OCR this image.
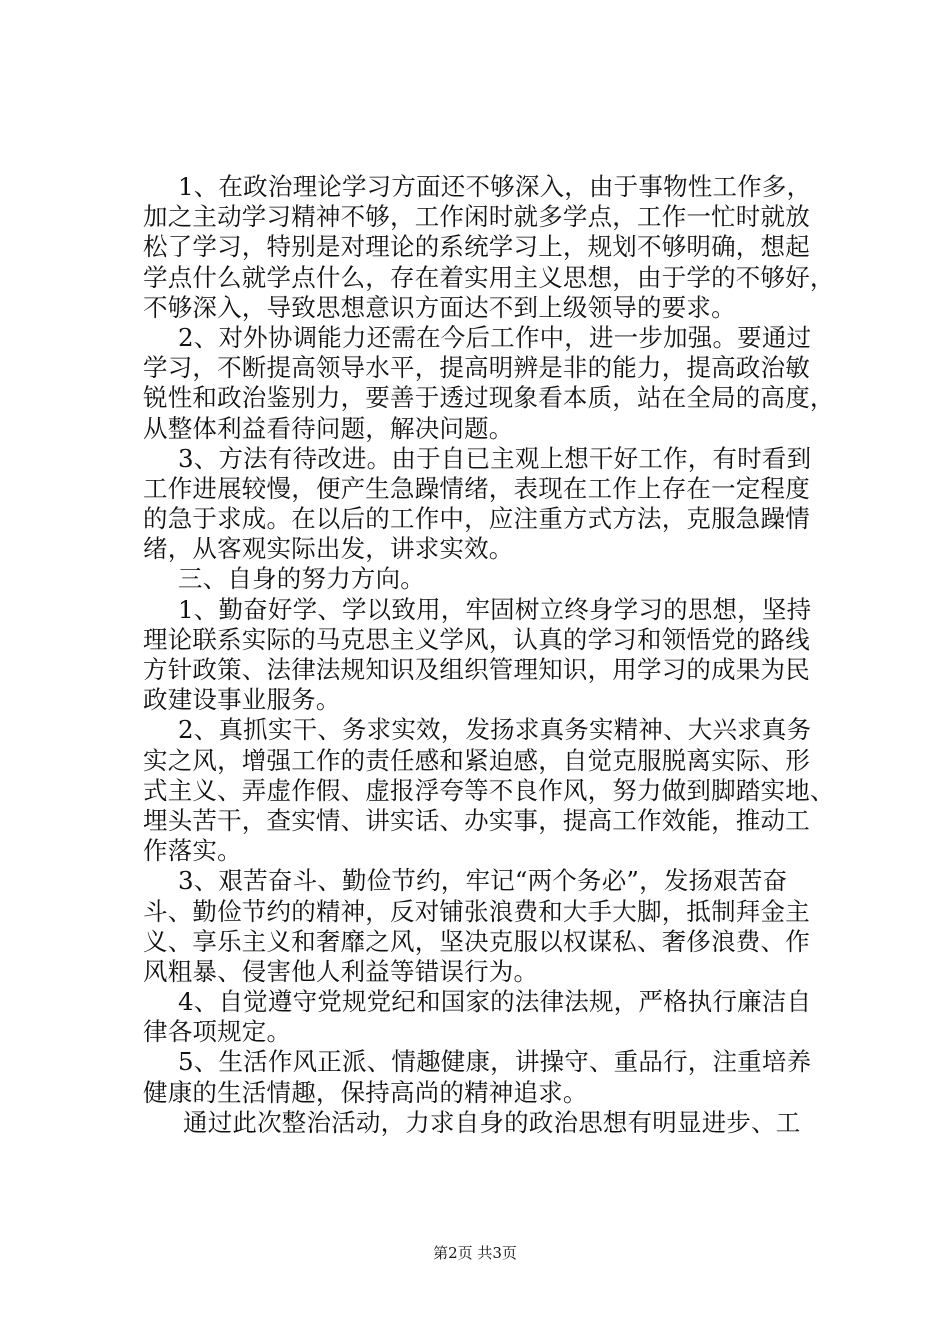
1、在政治理论学习方面还不够深入，由于事物性工作多，
加之主动学习精神不够，工作闲时就多学点，工作一忙时就放
松了学习，特别是对理论的系统学习上，规划不够明确，想起
学点什么就学点什么，存在着实用主义思想，由于学的不够好，
不够深入，导致思想意识方面达不到上级领导的要求。
2、对外协调能力还需在今后工作中，进一步加强。要通过
学习，不断提高领导水平，提高明辨是非的能力，提高政治敏
锐性和政治鉴别力，要善于透过现象看本质，站在全局的高度，
从整体利益看待问题，解决问题。
3、方法有待改进。由于自已主观上想干好工作，有时看到
工作进展较慢，便产生急躁情绪，表现在工作上存在一定程度
的急于求成。在以后的工作中，应注重方式方法，克服急躁情
绪，从客观实际出发，讲求实效。
三、自身的努力方向。
1、勤奋好学、学以致用，牢固树立终身学习的思想，坚持
理论联系实际的马克思主义学风，认真的学习和领悟党的路线
方针政策、法律法规知识及组织管理知识，用学习的成果为民
政建设事业服务。
2、真抓实干、务求实效，发扬求真务实精神、大兴求真务
实之风，增强工作的责任感和紧迫感，自觉克服脱离实际、形
式主义、弄虚作假、虚报浮夸等不良作风，努力做到脚踏实地、
埋头苦干，查实情、讲实话、办实事，提高工作效能，推动工
作落实。
3、艰苦奋斗、勤俭节约，牢记“两个务必”，发扬艰苦奋
斗、勤俭节约的精神，反对铺张浪费和大手大脚，抵制拜金主
义、享乐主义和奢靡之风，坚决克服以权谋私、奢侈浪费、作
风粗暴、侵害他人利益等错误行为。
4、自觉遵守党规党纪和国家的法律法规，严格执行廉洁自
律各项规定。
5、生活作风正派、情趣健康，讲操守、重品行，注重培养
健康的生活情趣，保持高尚的精神追求。
通过此次整治活动，力求自身的政治思想有明显进步、工
第2页 共3页
